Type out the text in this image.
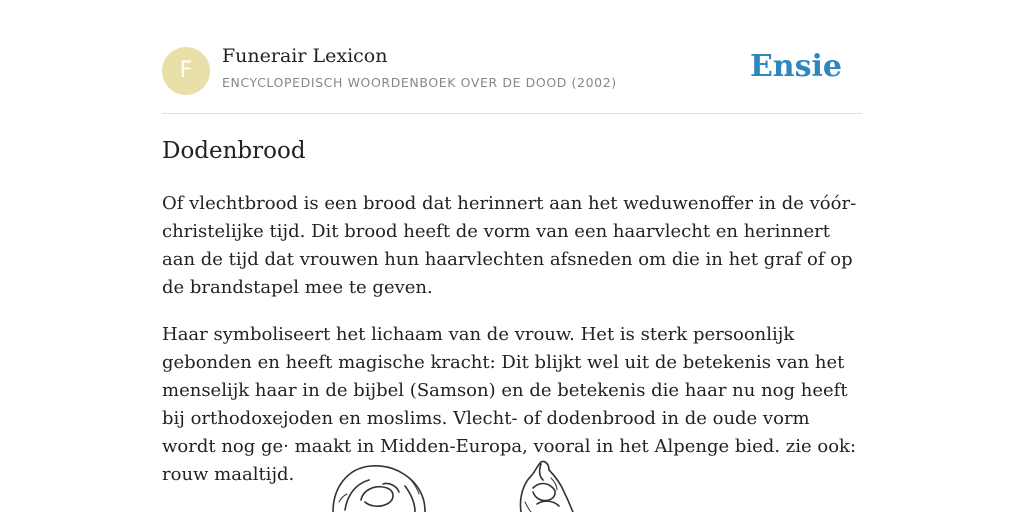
F
Funerair Lexicon
ENCYCLOPEDISCH WOORDENBOEK OVER DE DOOD (2002)	Ensie
Dodenbrood

Of vlechtbrood is een brood dat herinnert aan het weduwenoffer in de vóór-christelijke tijd. Dit brood heeft de vorm van een haarvlecht en herinnert aan de tijd dat vrouwen hun haarvlechten afsneden om die in het graf of op de brandstapel mee te geven.

Haar symboliseert het lichaam van de vrouw. Het is sterk persoonlijk gebonden en heeft magische kracht: Dit blijkt wel uit de betekenis van het menselijk haar in de bijbel (Samson) en de betekenis die haar nu nog heeft bij orthodoxejoden en moslims. Vlecht- of dodenbrood in de oude vorm wordt nog ge· maakt in Midden-Europa, vooral in het Alpenge bied. zie ook: rouw maaltijd.
